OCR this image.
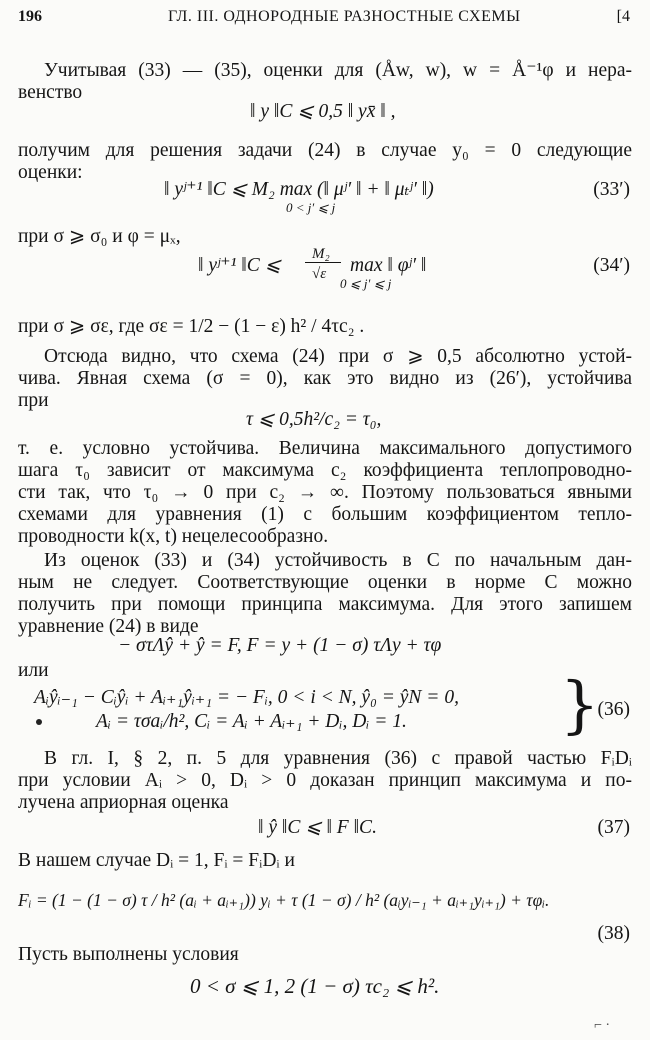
196	ГЛ. III. ОДНОРОДНЫЕ РАЗНОСТНЫЕ СХЕМЫ	[4
Учитывая (33) — (35), оценки для (Åw, w), w = Å⁻¹φ и нера-
венство
‖ y ‖C ⩽ 0,5 ‖ yx̄ ‖ ,
получим для решения задачи (24) в случае y₀ = 0 следующие
оценки:
‖ yʲ⁺¹ ‖C ⩽ M₂ max (‖ μʲ′ ‖ + ‖ μₜʲ′ ‖)
0 < j′ ⩽ j
(33′)
при σ ⩾ σ₀ и φ = μₓ,
‖ yʲ⁺¹ ‖C ⩽
M₂
√ε max ‖ φʲ′ ‖
0 ⩽ j′ ⩽ j
(34′)
при σ ⩾ σε, где σε = 1/2 − (1 − ε) h² / 4τc₂ .
Отсюда видно, что схема (24) при σ ⩾ 0,5 абсолютно устой-
чива. Явная схема (σ = 0), как это видно из (26′), устойчива
при
τ ⩽ 0,5h²/c₂ = τ₀,
т. е. условно устойчива. Величина максимального допустимого
шага τ₀ зависит от максимума c₂ коэффициента теплопроводно-
сти так, что τ₀ → 0 при c₂ → ∞. Поэтому пользоваться явными
схемами для уравнения (1) с большим коэффициентом тепло-
проводности k(x, t) нецелесообразно.
Из оценок (33) и (34) устойчивость в C по начальным дан-
ным не следует. Соответствующие оценки в норме C можно
получить при помощи принципа максимума. Для этого запишем
уравнение (24) в виде
− στΛŷ + ŷ = F, F = y + (1 − σ) τΛy + τφ
или
Aᵢŷᵢ₋₁ − Cᵢŷᵢ + Aᵢ₊₁ŷᵢ₊₁ = − Fᵢ, 0 < i < N, ŷ₀ = ŷN = 0,
Aᵢ = τσaᵢ/h², Cᵢ = Aᵢ + Aᵢ₊₁ + Dᵢ, Dᵢ = 1. }
(36)
В гл. I, § 2, п. 5 для уравнения (36) с правой частью FᵢDᵢ
при условии Aᵢ > 0, Dᵢ > 0 доказан принцип максимума и по-
лучена априорная оценка
‖ ŷ ‖C ⩽ ‖ F ‖C.	(37)
В нашем случае Dᵢ = 1, Fᵢ = FᵢDᵢ и
Fᵢ = (1 − (1 − σ) τ / h² (aᵢ + aᵢ₊₁)) yᵢ + τ (1 − σ) / h² (aᵢyᵢ₋₁ + aᵢ₊₁yᵢ₊₁) + τφᵢ.
(38)
Пусть выполнены условия
0 < σ ⩽ 1, 2 (1 − σ) τc₂ ⩽ h².
⌐ ·
